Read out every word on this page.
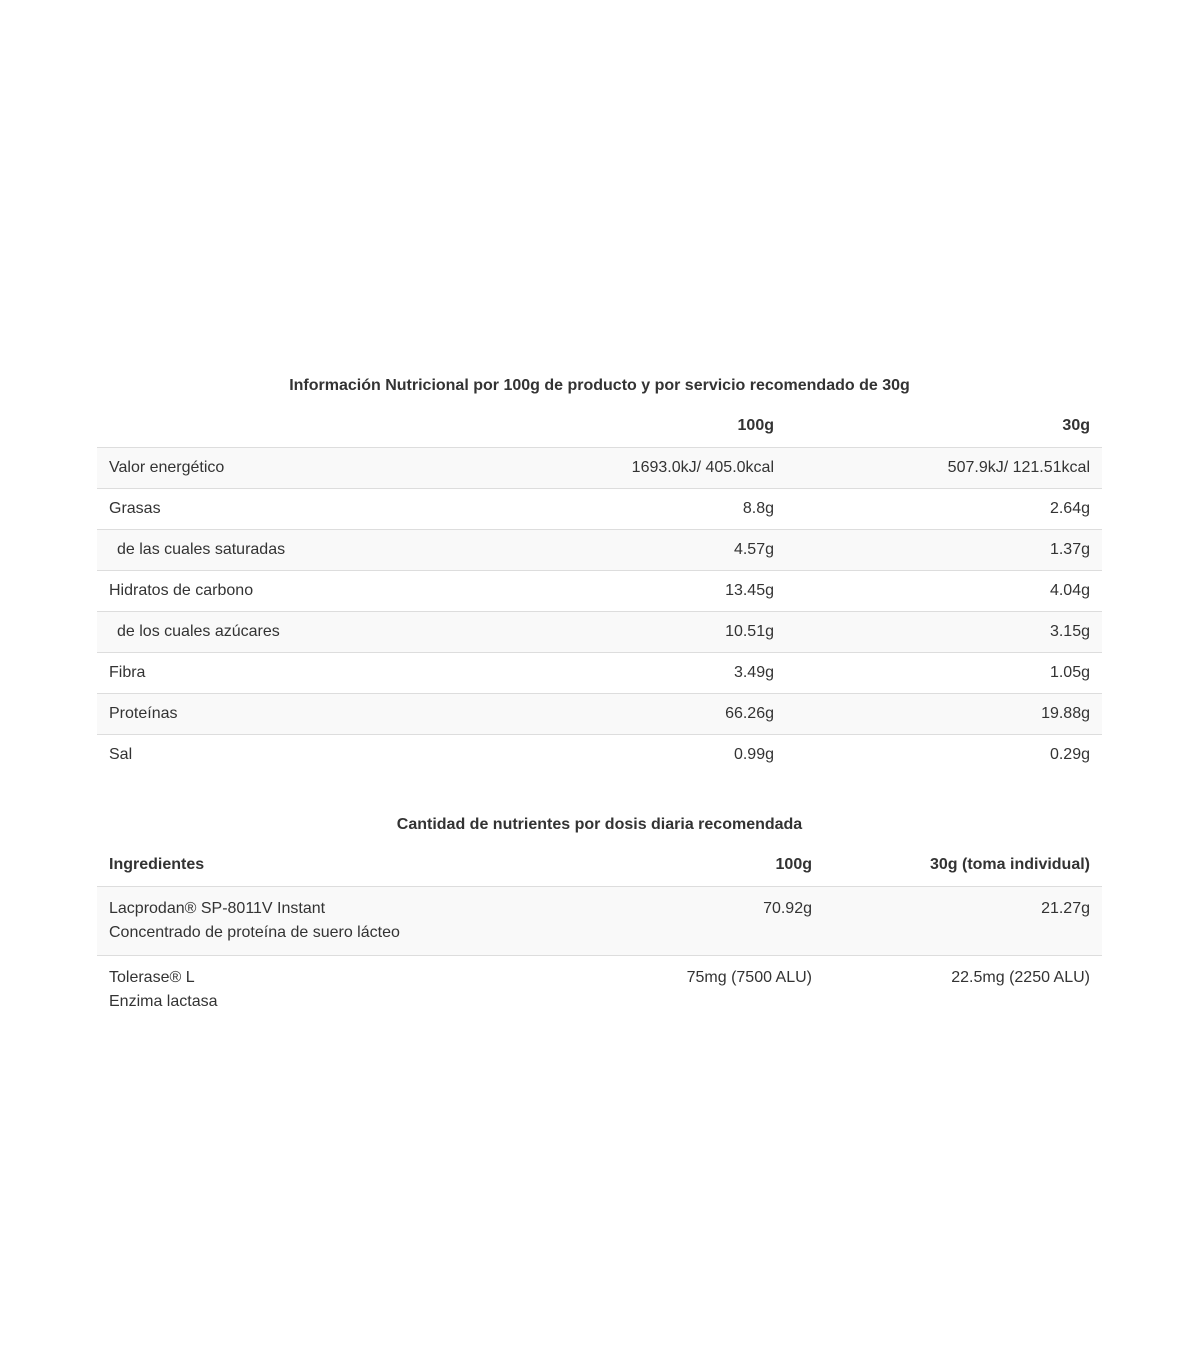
Información Nutricional por 100g de producto y por servicio recomendado de 30g
	100g	30g
Valor energético	1693.0kJ/ 405.0kcal	507.9kJ/ 121.51kcal
Grasas	8.8g	2.64g
de las cuales saturadas	4.57g	1.37g
Hidratos de carbono	13.45g	4.04g
de los cuales azúcares	10.51g	3.15g
Fibra	3.49g	1.05g
Proteínas	66.26g	19.88g
Sal	0.99g	0.29g
Cantidad de nutrientes por dosis diaria recomendada
Ingredientes	100g	30g (toma individual)

Lacprodan® SP-8011V Instant
Concentrado de proteína de suero lácteo	70.92g	21.27g

Tolerase® L
Enzima lactasa	75mg (7500 ALU)	22.5mg (2250 ALU)
